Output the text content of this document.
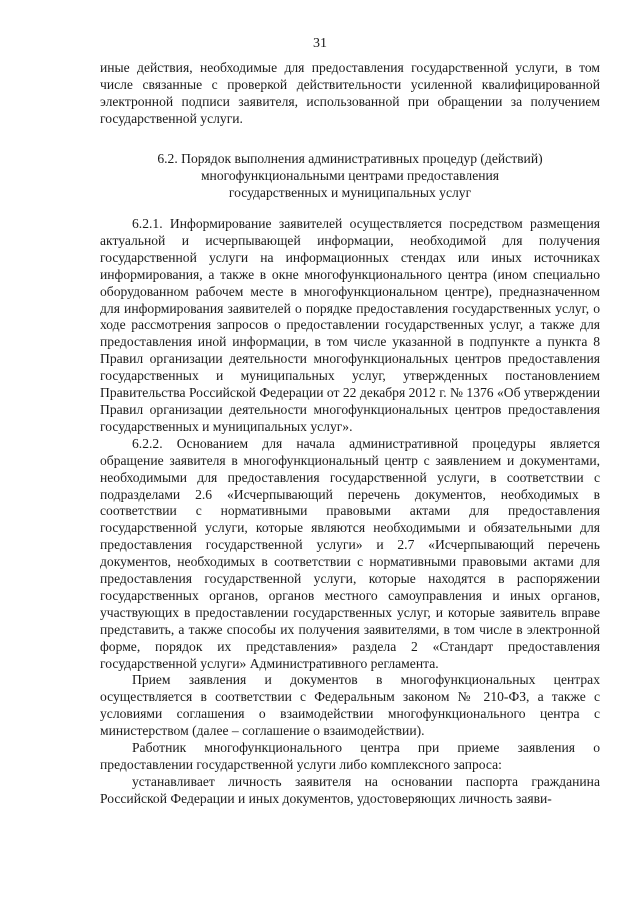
31

иные действия, необходимые для предоставления государственной услуги, в том числе связанные с проверкой действительности усиленной квалифицированной электронной подписи заявителя, использованной при обращении за получением государственной услуги.

6.2. Порядок выполнения административных процедур (действий)
многофункциональными центрами предоставления
государственных и муниципальных услуг

6.2.1. Информирование заявителей осуществляется посредством размещения актуальной и исчерпывающей информации, необходимой для получения государственной услуги на информационных стендах или иных источниках информирования, а также в окне многофункционального центра (ином специально оборудованном рабочем месте в многофункциональном центре), предназначенном для информирования заявителей о порядке предоставления государственных услуг, о ходе рассмотрения запросов о предоставлении государственных услуг, а также для предоставления иной информации, в том числе указанной в подпункте а пункта 8 Правил организации деятельности многофункциональных центров предоставления государственных и муниципальных услуг, утвержденных постановлением Правительства Российской Федерации от 22 декабря 2012 г. № 1376 «Об утверждении Правил организации деятельности многофункциональных центров предоставления государственных и муниципальных услуг».

6.2.2. Основанием для начала административной процедуры является обращение заявителя в многофункциональный центр с заявлением и документами, необходимыми для предоставления государственной услуги, в соответствии с подразделами 2.6 «Исчерпывающий перечень документов, необходимых в соответствии с нормативными правовыми актами для предоставления государственной услуги, которые являются необходимыми и обязательными для предоставления государственной услуги» и 2.7 «Исчерпывающий перечень документов, необходимых в соответствии с нормативными правовыми актами для предоставления государственной услуги, которые находятся в распоряжении государственных органов, органов местного самоуправления и иных органов, участвующих в предоставлении государственных услуг, и которые заявитель вправе представить, а также способы их получения заявителями, в том числе в электронной форме, порядок их представления» раздела 2 «Стандарт предоставления государственной услуги» Административного регламента.

Прием заявления и документов в многофункциональных центрах осуществляется в соответствии с Федеральным законом № 210-ФЗ, а также с условиями соглашения о взаимодействии многофункционального центра с министерством (далее – соглашение о взаимодействии).

Работник многофункционального центра при приеме заявления о предоставлении государственной услуги либо комплексного запроса:

устанавливает личность заявителя на основании паспорта гражданина Российской Федерации и иных документов, удостоверяющих личность заяви-
